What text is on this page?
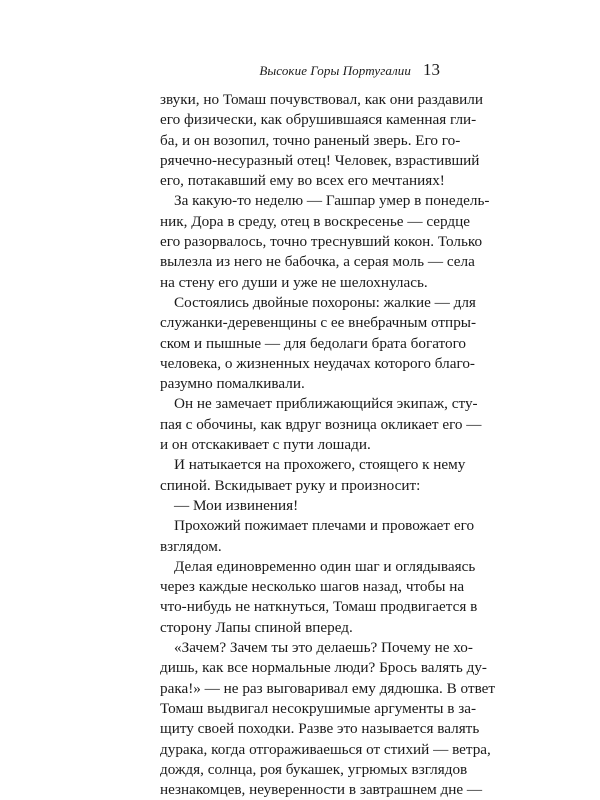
Высокие Горы Португалии 13
звуки, но Томаш почувствовал, как они раздавили
его физически, как обрушившаяся каменная гли-
ба, и он возопил, точно раненый зверь. Его го-
рячечно-несуразный отец! Человек, взрастивший
его, потакавший ему во всех его мечтаниях!
За какую-то неделю — Гашпар умер в понедель-
ник, Дора в среду, отец в воскресенье — сердце
его разорвалось, точно треснувший кокон. Только
вылезла из него не бабочка, а серая моль — села
на стену его души и уже не шелохнулась.
Состоялись двойные похороны: жалкие — для
служанки-деревенщины с ее внебрачным отпры-
ском и пышные — для бедолаги брата богатого
человека, о жизненных неудачах которого благо-
разумно помалкивали.
Он не замечает приближающийся экипаж, сту-
пая с обочины, как вдруг возница окликает его —
и он отскакивает с пути лошади.
И натыкается на прохожего, стоящего к нему
спиной. Вскидывает руку и произносит:
— Мои извинения!
Прохожий пожимает плечами и провожает его
взглядом.
Делая единовременно один шаг и оглядываясь
через каждые несколько шагов назад, чтобы на
что-нибудь не наткнуться, Томаш продвигается в
сторону Лапы спиной вперед.
«Зачем? Зачем ты это делаешь? Почему не хо-
дишь, как все нормальные люди? Брось валять ду-
рака!» — не раз выговаривал ему дядюшка. В ответ
Томаш выдвигал несокрушимые аргументы в за-
щиту своей походки. Разве это называется валять
дурака, когда отгораживаешься от стихий — ветра,
дождя, солнца, роя букашек, угрюмых взглядов
незнакомцев, неуверенности в завтрашнем дне —
